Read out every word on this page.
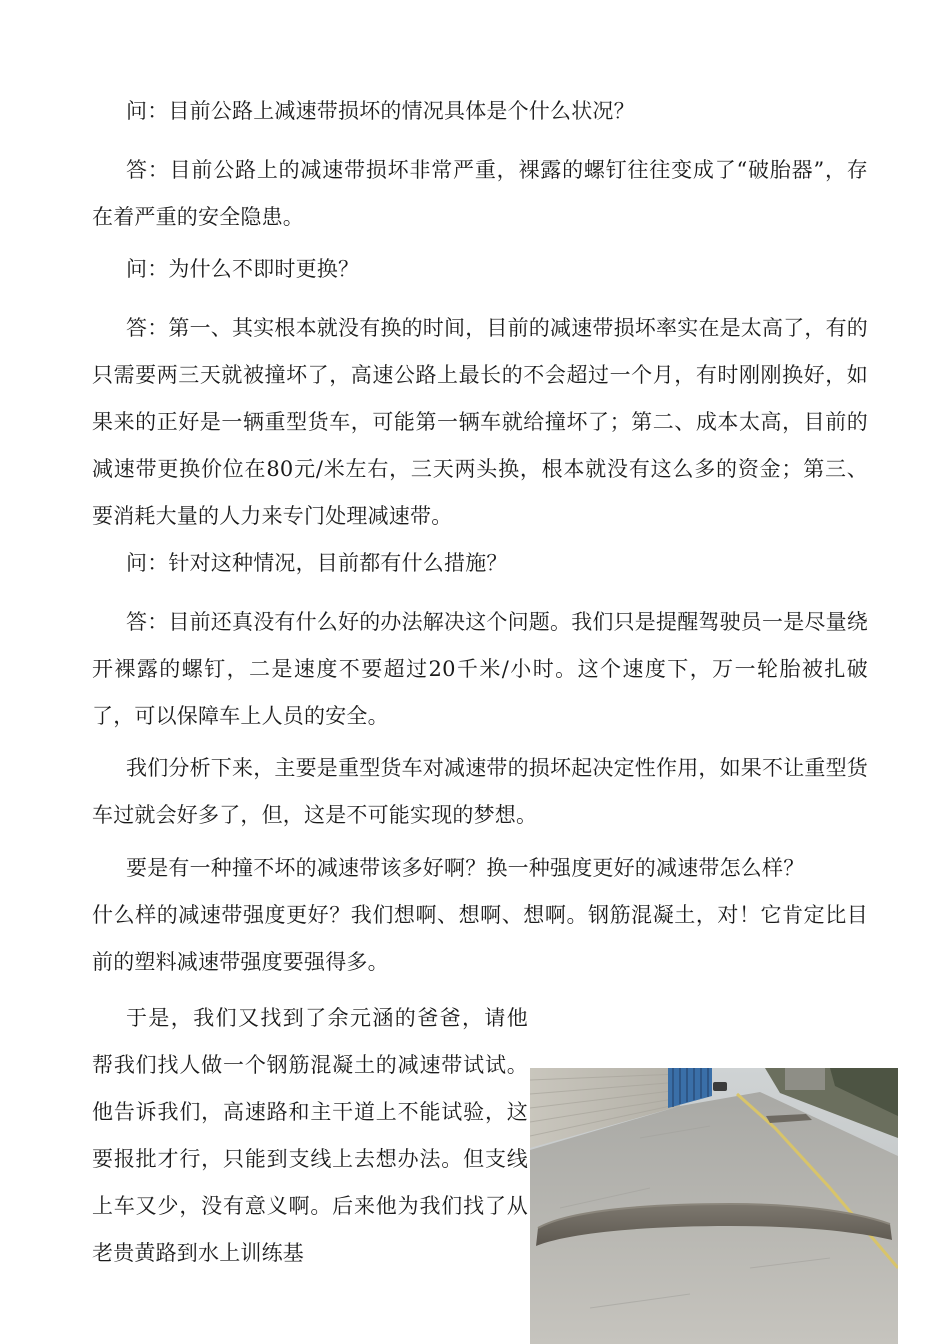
问：目前公路上减速带损坏的情况具体是个什么状况？

答：目前公路上的减速带损坏非常严重，裸露的螺钉往往变成了“破胎器”，存在着严重的安全隐患。

问：为什么不即时更换？

答：第一、其实根本就没有换的时间，目前的减速带损坏率实在是太高了，有的只需要两三天就被撞坏了，高速公路上最长的不会超过一个月，有时刚刚换好，如果来的正好是一辆重型货车，可能第一辆车就给撞坏了；第二、成本太高，目前的减速带更换价位在80元/米左右，三天两头换，根本就没有这么多的资金；第三、要消耗大量的人力来专门处理减速带。

问：针对这种情况，目前都有什么措施？

答：目前还真没有什么好的办法解决这个问题。我们只是提醒驾驶员一是尽量绕开裸露的螺钉，二是速度不要超过20千米/小时。这个速度下，万一轮胎被扎破了，可以保障车上人员的安全。

我们分析下来，主要是重型货车对减速带的损坏起决定性作用，如果不让重型货车过就会好多了，但，这是不可能实现的梦想。

要是有一种撞不坏的减速带该多好啊？换一种强度更好的减速带怎么样？

什么样的减速带强度更好？我们想啊、想啊、想啊。钢筋混凝土，对！它肯定比目前的塑料减速带强度要强得多。

于是，我们又找到了余元涵的爸爸，请他帮我们找人做一个钢筋混凝土的减速带试试。他告诉我们，高速路和主干道上不能试验，这要报批才行，只能到支线上去想办法。但支线上车又少，没有意义啊。后来他为我们找了从老贵黄路到水上训练基
